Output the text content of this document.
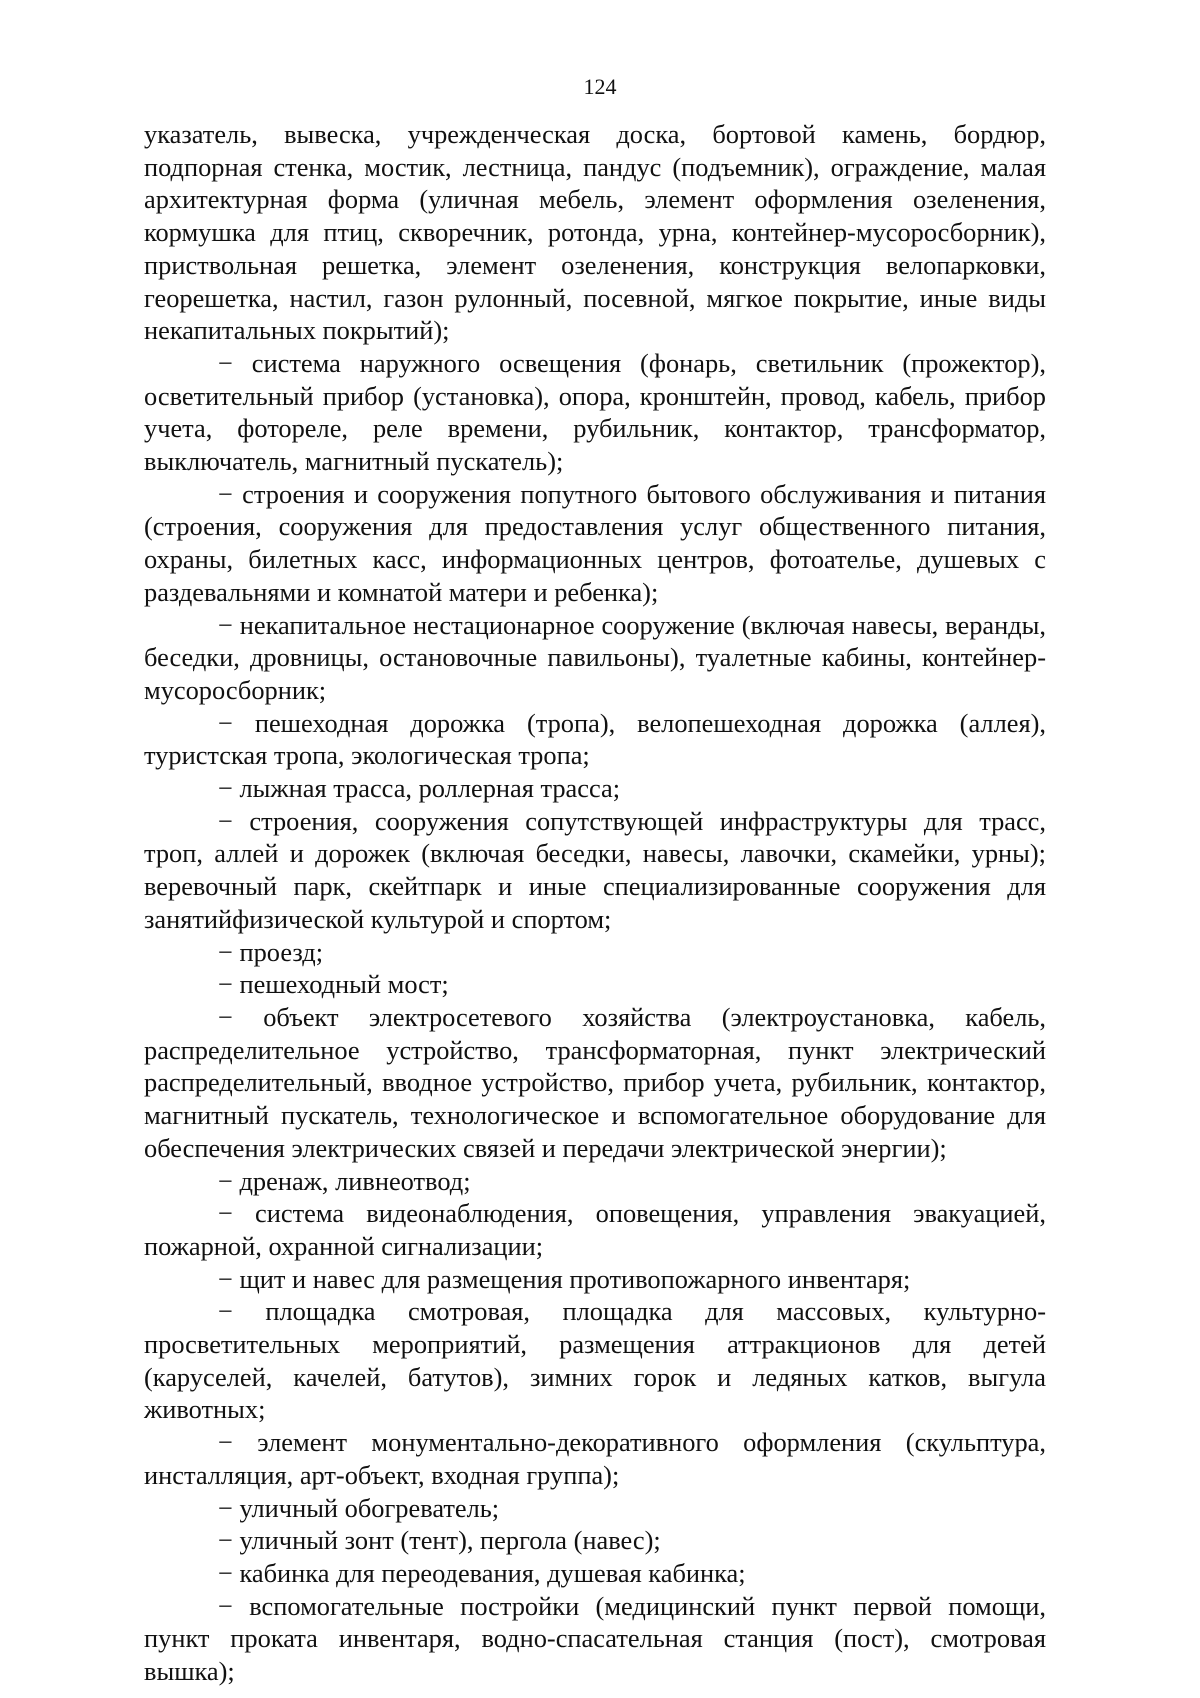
124

указатель, вывеска, учрежденческая доска, бортовой камень, бордюр, подпорная стенка, мостик, лестница, пандус (подъемник), ограждение, малая архитектурная форма (уличная мебель, элемент оформления озеленения, кормушка для птиц, скворечник, ротонда, урна, контейнер-мусоросборник), приствольная решетка, элемент озеленения, конструкция велопарковки, георешетка, настил, газон рулонный, посевной, мягкое покрытие, иные виды некапитальных покрытий);

− система наружного освещения (фонарь, светильник (прожектор), осветительный прибор (установка), опора, кронштейн, провод, кабель, прибор учета, фотореле, реле времени, рубильник, контактор, трансформатор, выключатель, магнитный пускатель);

− строения и сооружения попутного бытового обслуживания и питания (строения, сооружения для предоставления услуг общественного питания, охраны, билетных касс, информационных центров, фотоателье, душевых с раздевальнями и комнатой матери и ребенка);

− некапитальное нестационарное сооружение (включая навесы, веранды, беседки, дровницы, остановочные павильоны), туалетные кабины, контейнер-мусоросборник;

− пешеходная дорожка (тропа), велопешеходная дорожка (аллея), туристская тропа, экологическая тропа;

− лыжная трасса, роллерная трасса;

− строения, сооружения сопутствующей инфраструктуры для трасс, троп, аллей и дорожек (включая беседки, навесы, лавочки, скамейки, урны); веревочный парк, скейтпарк и иные специализированные сооружения для занятийфизической культурой и спортом;

− проезд;

− пешеходный мост;

− объект электросетевого хозяйства (электроустановка, кабель, распределительное устройство, трансформаторная, пункт электрический распределительный, вводное устройство, прибор учета, рубильник, контактор, магнитный пускатель, технологическое и вспомогательное оборудование для обеспечения электрических связей и передачи электрической энергии);

− дренаж, ливнеотвод;

− система видеонаблюдения, оповещения, управления эвакуацией, пожарной, охранной сигнализации;

− щит и навес для размещения противопожарного инвентаря;

− площадка смотровая, площадка для массовых, культурно-просветительных мероприятий, размещения аттракционов для детей (каруселей, качелей, батутов), зимних горок и ледяных катков, выгула животных;

− элемент монументально-декоративного оформления (скульптура, инсталляция, арт-объект, входная группа);

− уличный обогреватель;

− уличный зонт (тент), пергола (навес);

− кабинка для переодевания, душевая кабинка;

− вспомогательные постройки (медицинский пункт первой помощи, пункт проката инвентаря, водно-спасательная станция (пост), смотровая вышка);
